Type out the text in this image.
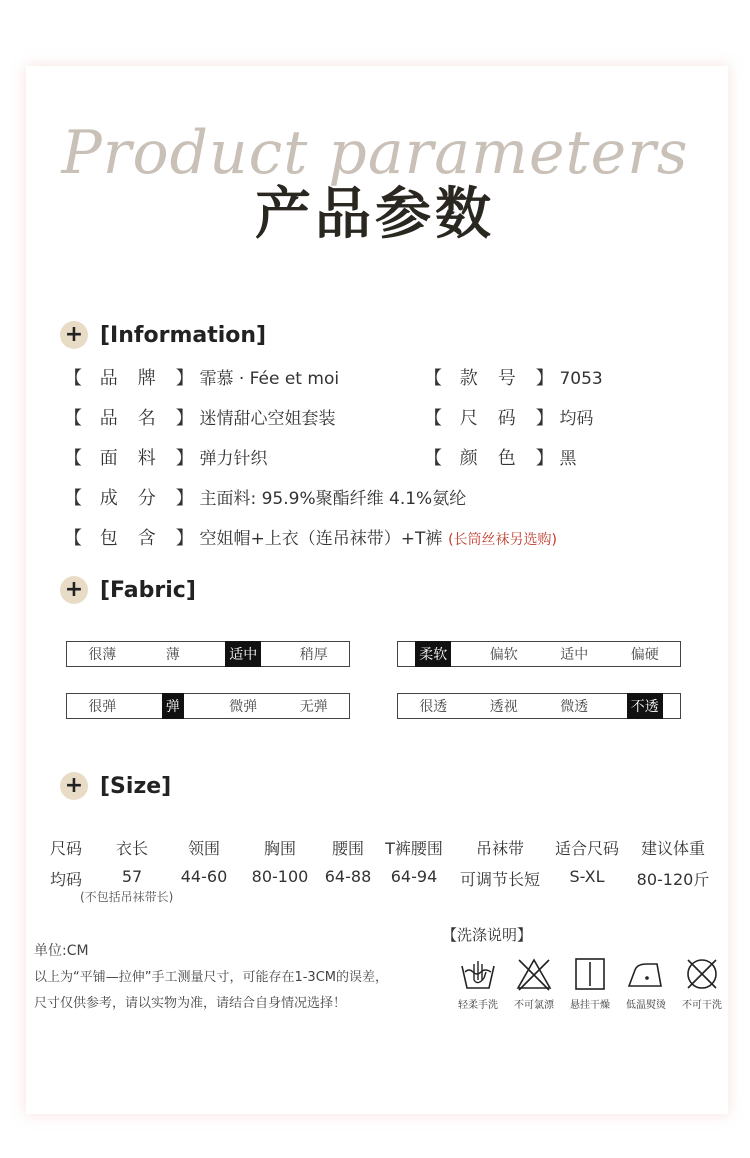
Product parameters
产品参数
+ [Information]
【 品牌】 霏慕 · Fée et moi	【 款号】 7053
【 品名】 迷情甜心空姐套装	【 尺码】 均码
【 面料】 弹力针织	【 颜色】 黑
【 成分】 主面料: 95.9%聚酯纤维 4.1%氨纶
【 包含】 空姐帽+上衣（连吊袜带）+T裤 (长筒丝袜另选购)
+ [Fabric]
很薄	薄	适中	稍厚	柔软	偏软	适中	偏硬
很弹	弹	微弹	无弹	很透	透视	微透	不透
+ [Size]
尺码	衣长	领围	胸围	腰围	T裤腰围	吊袜带	适合尺码	建议体重
均码	57	44-60	80-100	64-88	64-94	可调节长短	S-XL	80-120斤
(不包括吊袜带长)
单位:CM
以上为“平铺—拉伸”手工测量尺寸，可能存在1-3CM的误差，
尺寸仅供参考，请以实物为准，请结合自身情况选择！
【洗涤说明】
轻柔手洗 不可氯漂 悬挂干燥 低温熨烫 不可干洗
